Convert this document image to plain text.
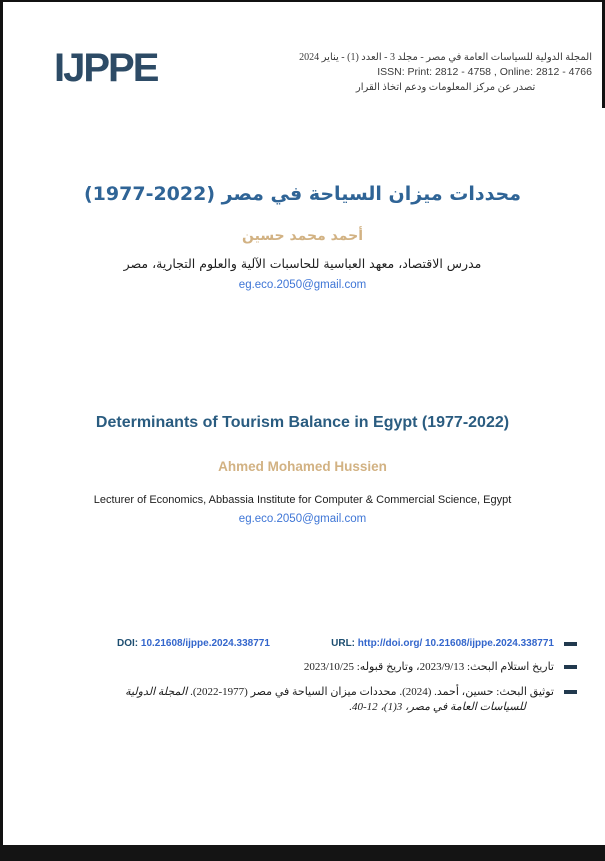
IJPPE	المجلة الدولية للسياسات العامة في مصر - مجلد 3 - العدد (1) - يناير 2024
ISSN: Print: 2812 - 4758 , Online: 2812 - 4766
تصدر عن مركز المعلومات ودعم اتخاذ القرار
محددات ميزان السياحة في مصر (2022-1977)
أحمد محمد حسين
مدرس الاقتصاد، معهد العباسية للحاسبات الآلية والعلوم التجارية، مصر
eg.eco.2050@gmail.com
Determinants of Tourism Balance in Egypt (1977-2022)
Ahmed Mohamed Hussien
Lecturer of Economics, Abbassia Institute for Computer & Commercial Science, Egypt
eg.eco.2050@gmail.com
DOI: 10.21608/ijppe.2024.338771	URL: http://doi.org/ 10.21608/ijppe.2024.338771
تاريخ استلام البحث: 2023/9/13، وتاريخ قبوله: 2023/10/25
توثيق البحث: حسين، أحمد. (2024). محددات ميزان السياحة في مصر (1977-2022). المجلة الدولية للسياسات العامة في مصر، 3(1)، 12-40.
